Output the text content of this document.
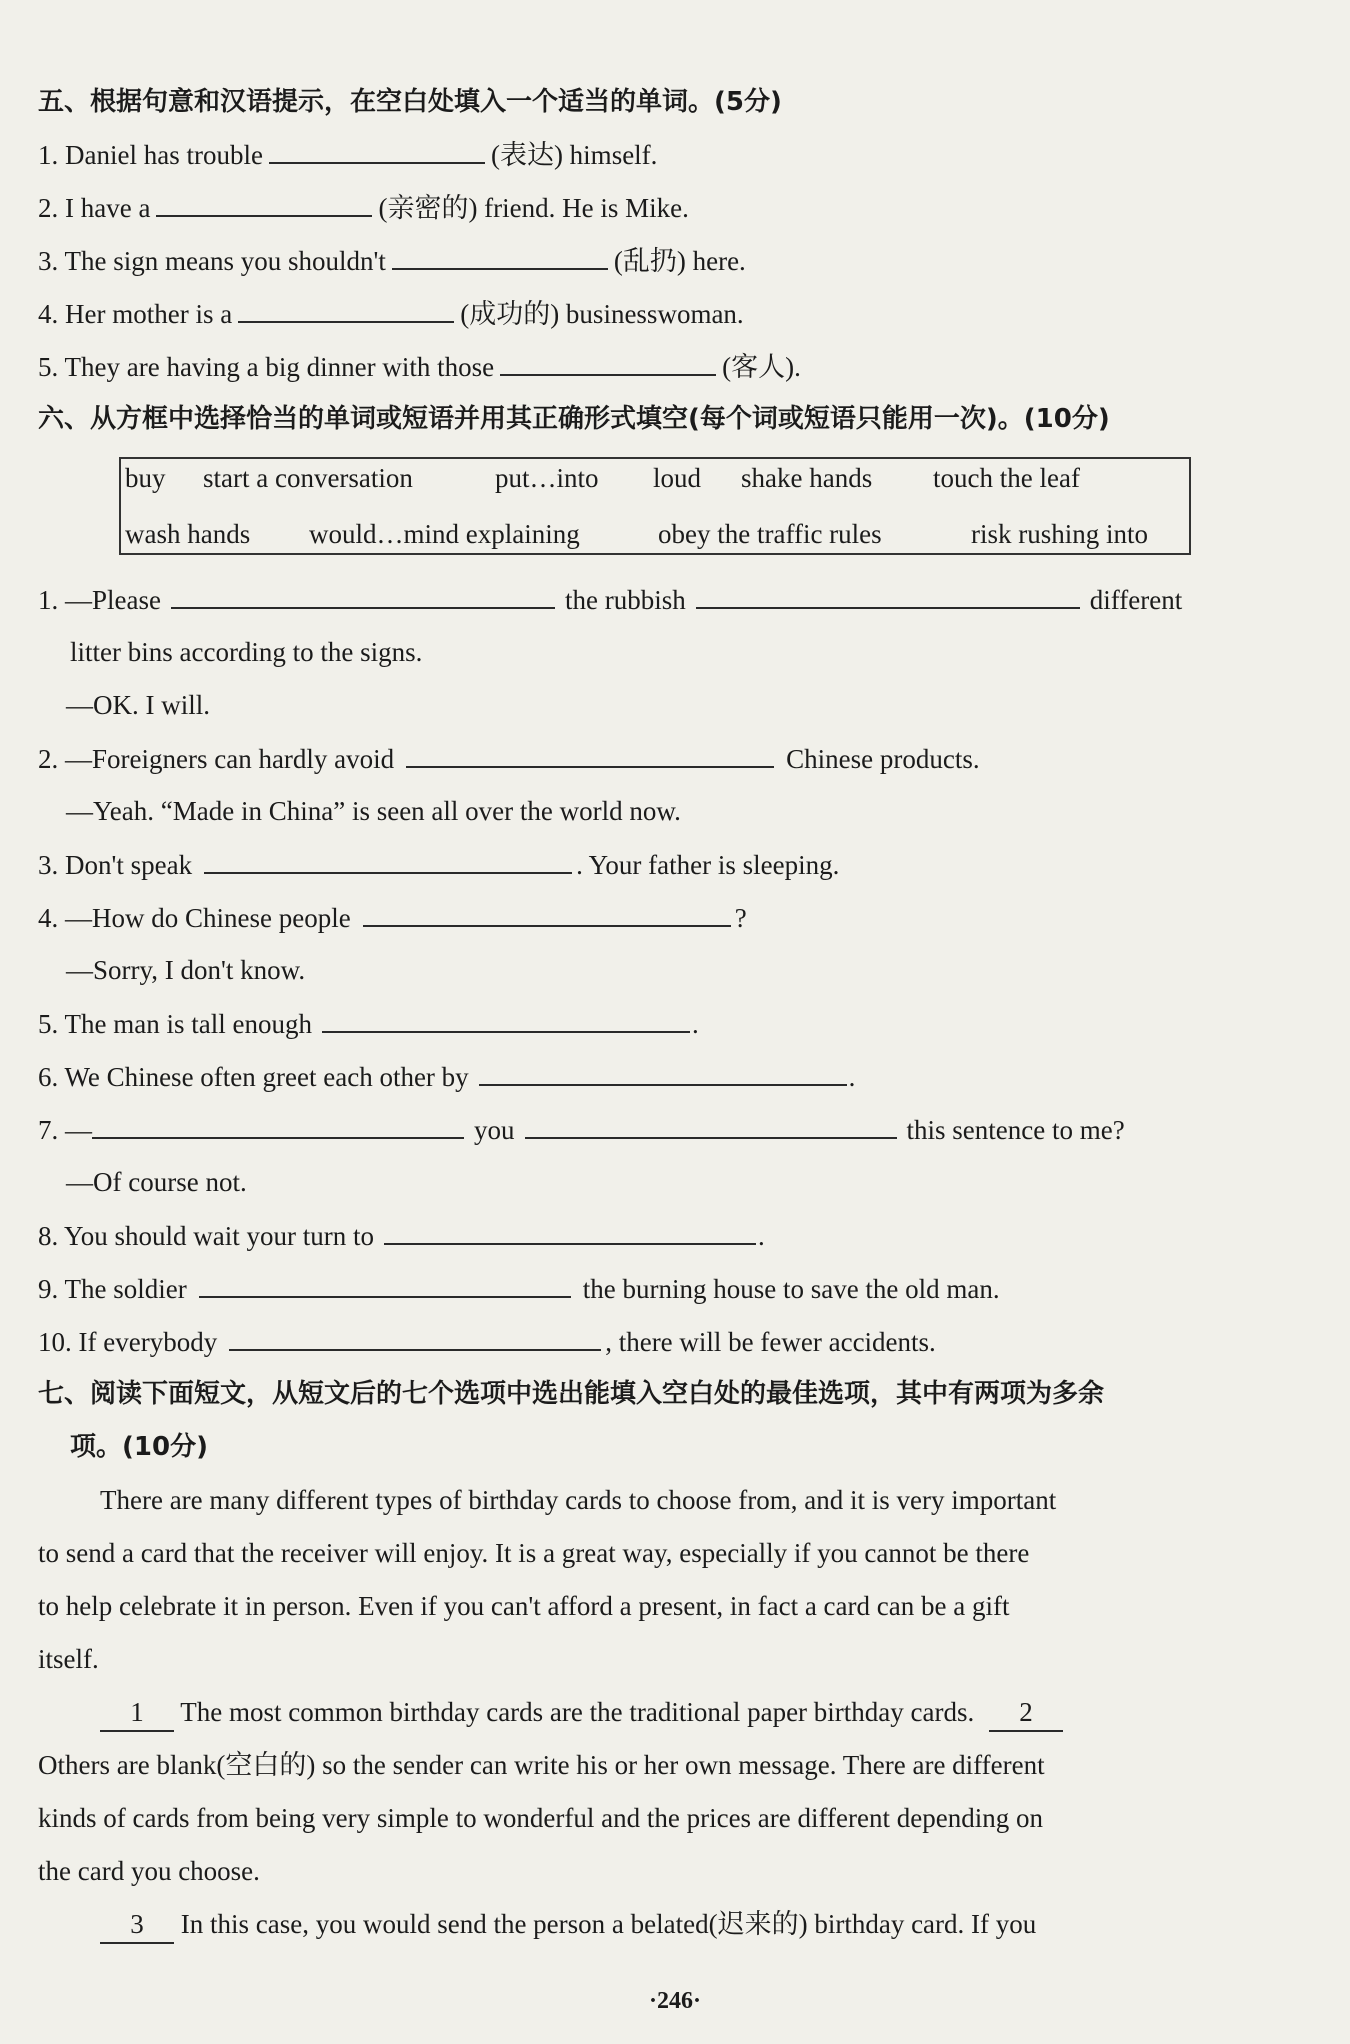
五、根据句意和汉语提示，在空白处填入一个适当的单词。(5分)
1. Daniel has trouble	(表达) himself.
2. I have a	(亲密的) friend. He is Mike.
3. The sign means you shouldn't	(乱扔) here.
4. Her mother is a	(成功的) businesswoman.
5. They are having a big dinner with those	(客人).
六、从方框中选择恰当的单词或短语并用其正确形式填空(每个词或短语只能用一次)。(10分)
buy start a conversation	put…into loud shake hands touch the leaf
wash hands would…mind explaining	obey the traffic rules	risk rushing into
1. —Please	the rubbish	different
litter bins according to the signs.
—OK. I will.
2. —Foreigners can hardly avoid	Chinese products.
—Yeah. “Made in China” is seen all over the world now.
3. Don't speak	. Your father is sleeping.
4. —How do Chinese people	?
—Sorry, I don't know.
5. The man is tall enough	.
6. We Chinese often greet each other by	.
7. —	you	this sentence to me?
—Of course not.
8. You should wait your turn to	.
9. The soldier	the burning house to save the old man.
10. If everybody	, there will be fewer accidents.
七、阅读下面短文，从短文后的七个选项中选出能填入空白处的最佳选项，其中有两项为多余
项。(10分)
There are many different types of birthday cards to choose from, and it is very important
to send a card that the receiver will enjoy. It is a great way, especially if you cannot be there
to help celebrate it in person. Even if you can't afford a present, in fact a card can be a gift
itself.
1 The most common birthday cards are the traditional paper birthday cards. 2
Others are blank(空白的) so the sender can write his or her own message. There are different
kinds of cards from being very simple to wonderful and the prices are different depending on
the card you choose.
3 In this case, you would send the person a belated(迟来的) birthday card. If you
·246·
